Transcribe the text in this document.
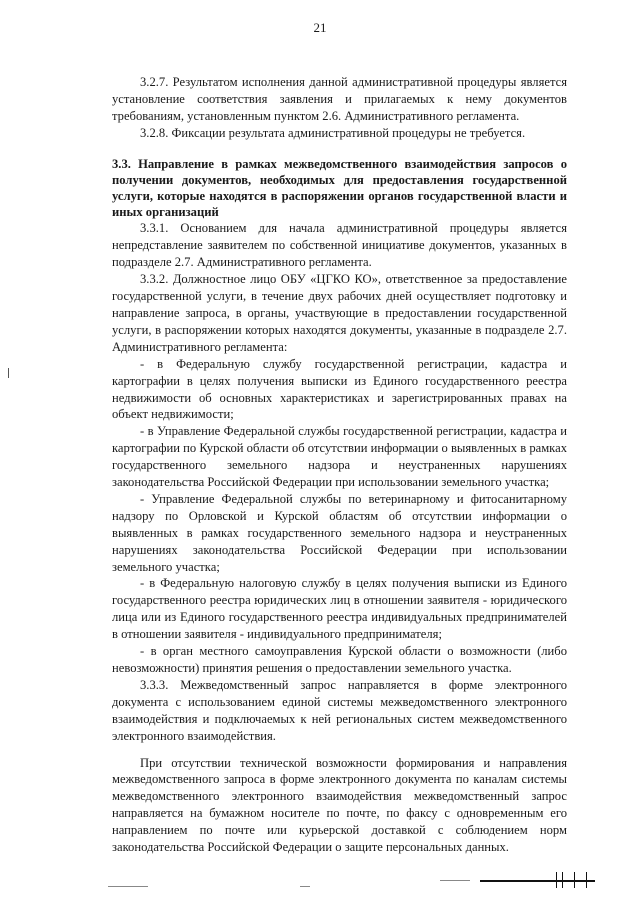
21

3.2.7. Результатом исполнения данной административной процедуры является установление соответствия заявления и прилагаемых к нему документов требованиям, установленным пунктом 2.6. Административного регламента.

3.2.8. Фиксации результата административной процедуры не требуется.

3.3. Направление в рамках межведомственного взаимодействия запросов о получении документов, необходимых для предоставления государственной услуги, которые находятся в распоряжении органов государственной власти и иных организаций

3.3.1. Основанием для начала административной процедуры является непредставление заявителем по собственной инициативе документов, указанных в подразделе 2.7. Административного регламента.

3.3.2. Должностное лицо ОБУ «ЦГКО КО», ответственное за предоставление государственной услуги, в течение двух рабочих дней осуществляет подготовку и направление запроса, в органы, участвующие в предоставлении государственной услуги, в распоряжении которых находятся документы, указанные в подразделе 2.7. Административного регламента:

- в Федеральную службу государственной регистрации, кадастра и картографии в целях получения выписки из Единого государственного реестра недвижимости об основных характеристиках и зарегистрированных правах на объект недвижимости;

- в Управление Федеральной службы государственной регистрации, кадастра и картографии по Курской области об отсутствии информации о выявленных в рамках государственного земельного надзора и неустраненных нарушениях законодательства Российской Федерации при использовании земельного участка;

- Управление Федеральной службы по ветеринарному и фитосанитарному надзору по Орловской и Курской областям об отсутствии информации о выявленных в рамках государственного земельного надзора и неустраненных нарушениях законодательства Российской Федерации при использовании земельного участка;

- в Федеральную налоговую службу в целях получения выписки из Единого государственного реестра юридических лиц в отношении заявителя - юридического лица или из Единого государственного реестра индивидуальных предпринимателей в отношении заявителя - индивидуального предпринимателя;

- в орган местного самоуправления Курской области о возможности (либо невозможности) принятия решения о предоставлении земельного участка.

3.3.3. Межведомственный запрос направляется в форме электронного документа с использованием единой системы межведомственного электронного взаимодействия и подключаемых к ней региональных систем межведомственного электронного взаимодействия.

При отсутствии технической возможности формирования и направления межведомственного запроса в форме электронного документа по каналам системы межведомственного электронного взаимодействия межведомственный запрос направляется на бумажном носителе по почте, по факсу с одновременным его направлением по почте или курьерской доставкой с соблюдением норм законодательства Российской Федерации о защите персональных данных.
